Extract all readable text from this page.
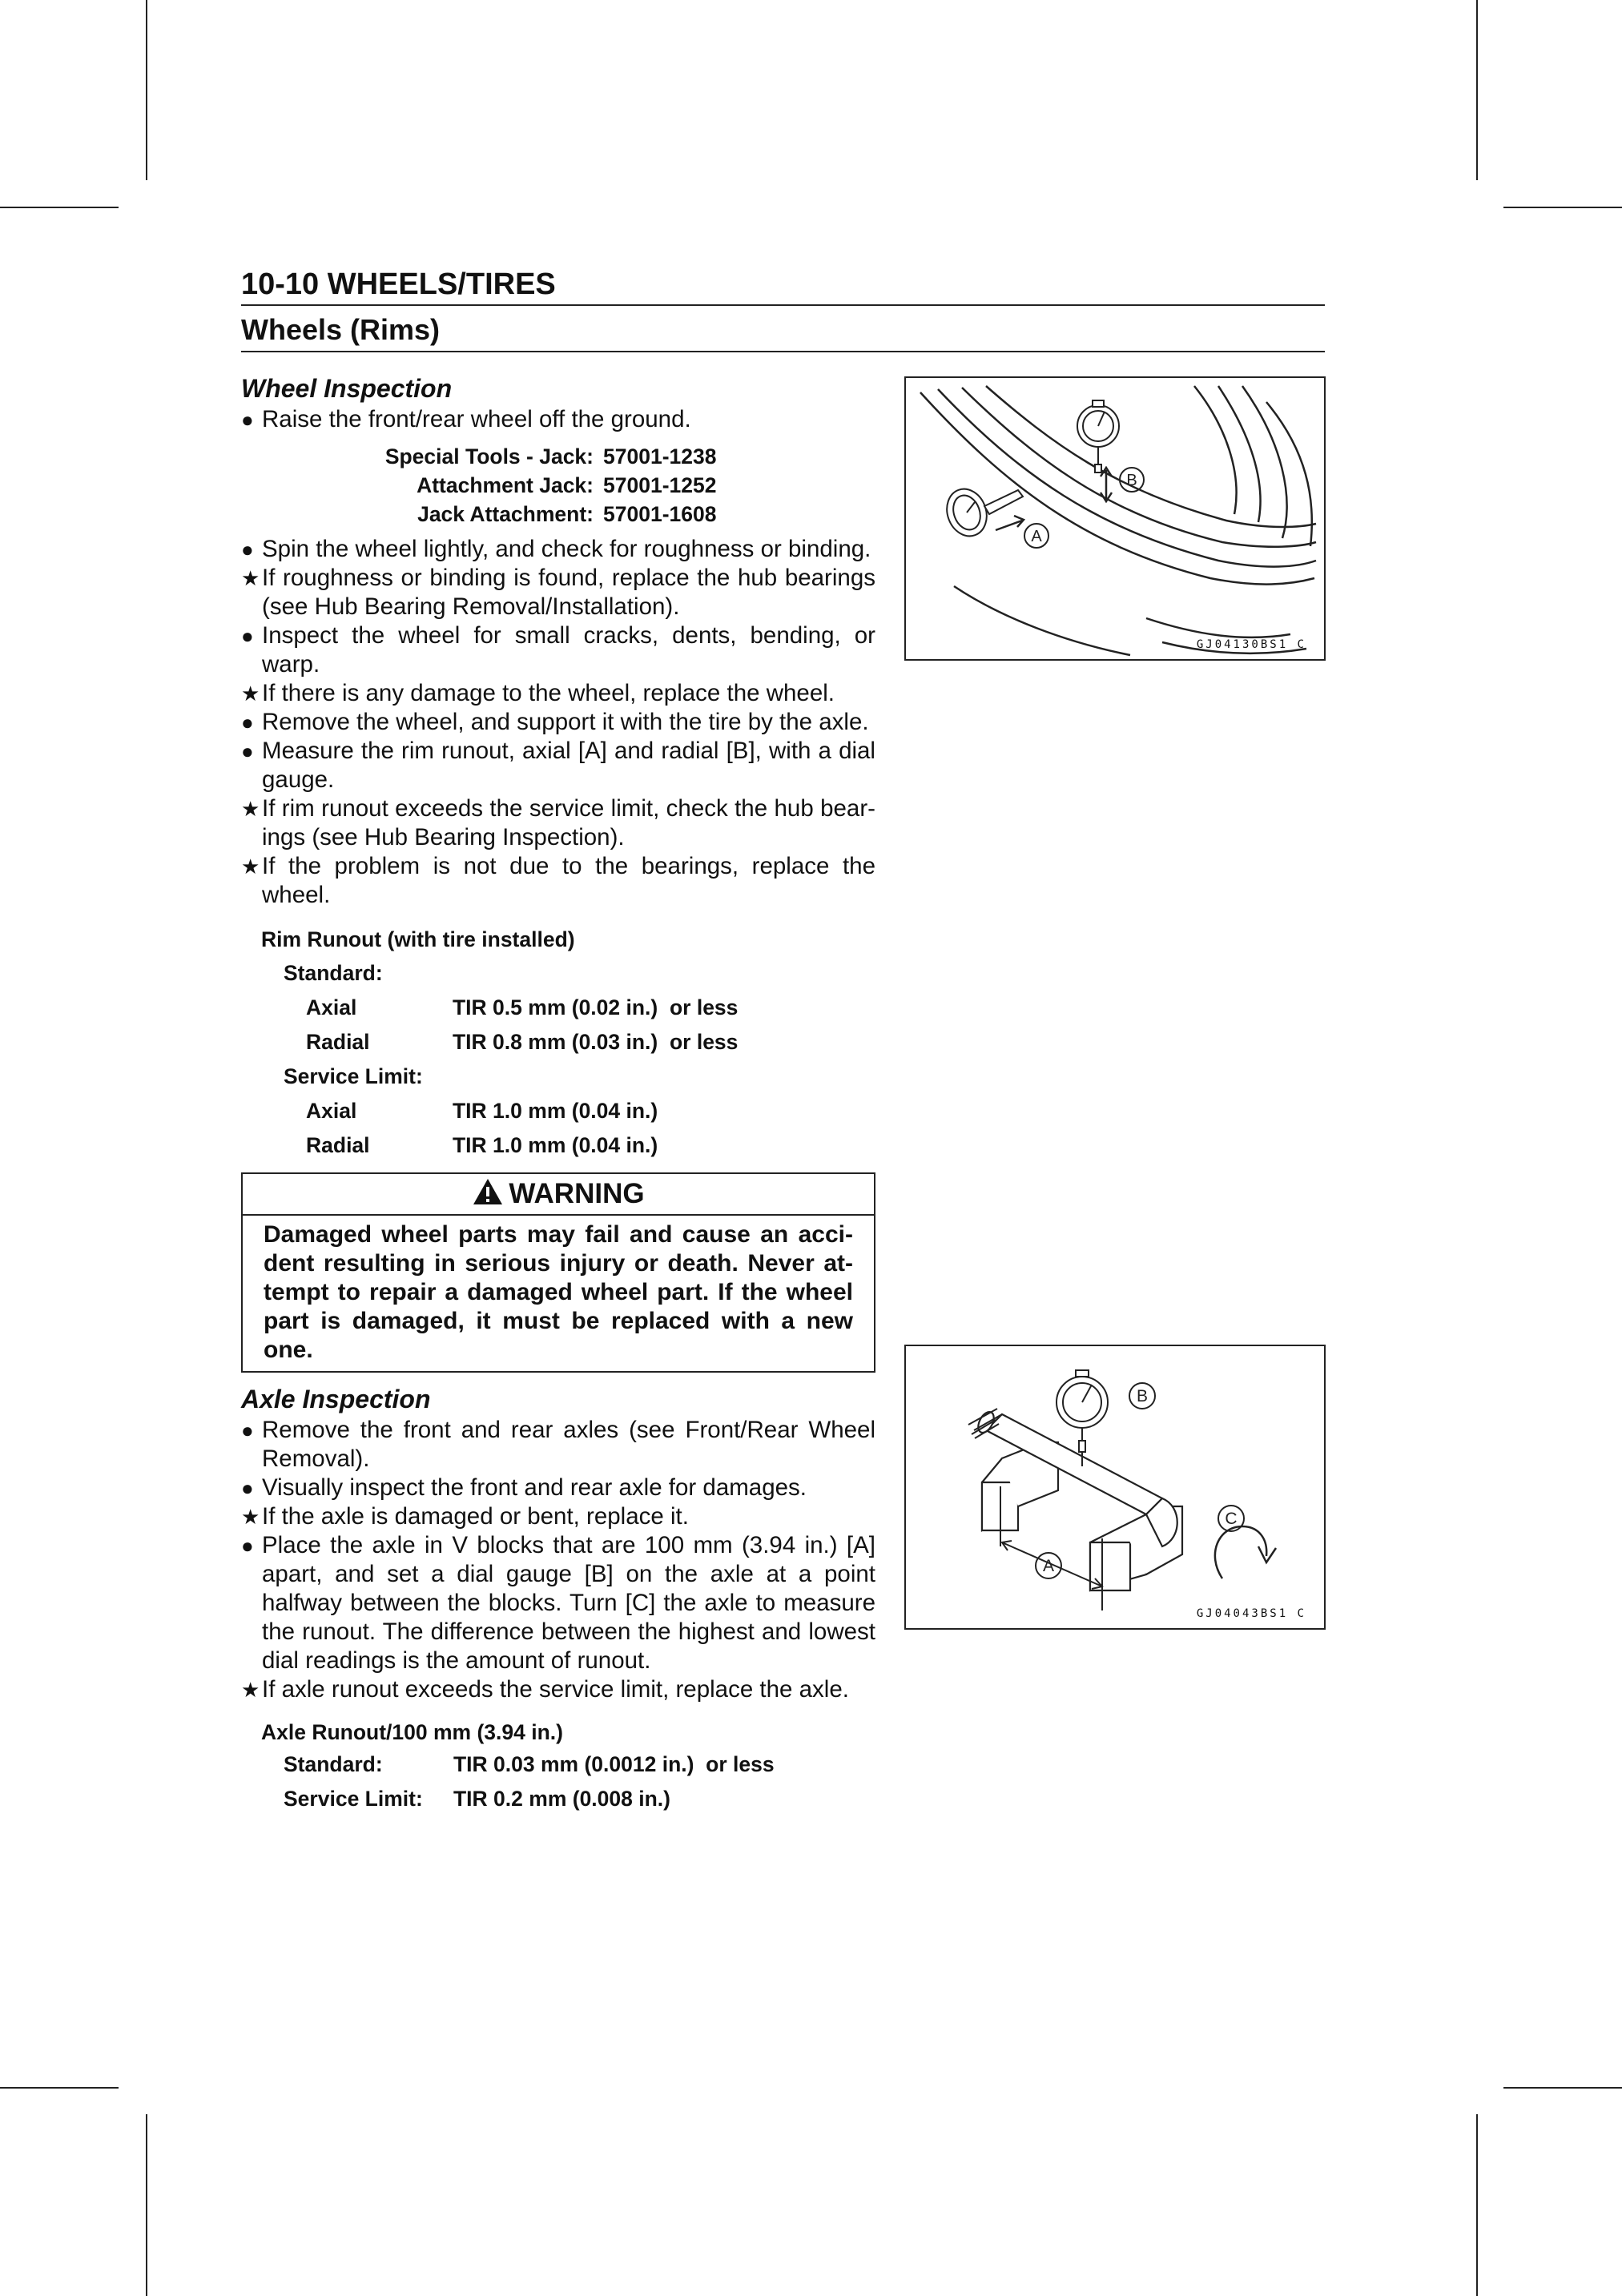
10-10 WHEELS/TIRES
Wheels (Rims)
Wheel Inspection
● Raise the front/rear wheel off the ground.
Special Tools - Jack: 57001-1238
Attachment Jack: 57001-1252
Jack Attachment: 57001-1608
● Spin the wheel lightly, and check for roughness or binding.
★ If roughness or binding is found, replace the hub bearings (see Hub Bearing Removal/Installation).
● Inspect the wheel for small cracks, dents, bending, or warp.
★ If there is any damage to the wheel, replace the wheel.
● Remove the wheel, and support it with the tire by the axle.
● Measure the rim runout, axial [A] and radial [B], with a dial gauge.
★ If rim runout exceeds the service limit, check the hub bearings (see Hub Bearing Inspection).
★ If the problem is not due to the bearings, replace the wheel.
Rim Runout (with tire installed)
Standard:
Axial	TIR 0.5 mm (0.02 in.)  or less
Radial	TIR 0.8 mm (0.03 in.)  or less
Service Limit:
Axial	TIR 1.0 mm (0.04 in.)
Radial	TIR 1.0 mm (0.04 in.)
WARNING
Damaged wheel parts may fail and cause an accident resulting in serious injury or death. Never attempt to repair a damaged wheel part. If the wheel part is damaged, it must be replaced with a new one.
Axle Inspection
● Remove the front and rear axles (see Front/Rear Wheel Removal).
● Visually inspect the front and rear axle for damages.
★ If the axle is damaged or bent, replace it.
● Place the axle in V blocks that are 100 mm (3.94 in.) [A] apart, and set a dial gauge [B] on the axle at a point halfway between the blocks. Turn [C] the axle to measure the runout. The difference between the highest and lowest dial readings is the amount of runout.
★ If axle runout exceeds the service limit, replace the axle.
Axle Runout/100 mm (3.94 in.)
Standard:	TIR 0.03 mm (0.0012 in.)  or less
Service Limit:	TIR 0.2 mm (0.008 in.)
B
A
GJ04130BS1 C
B
A
C
GJ04043BS1 C
